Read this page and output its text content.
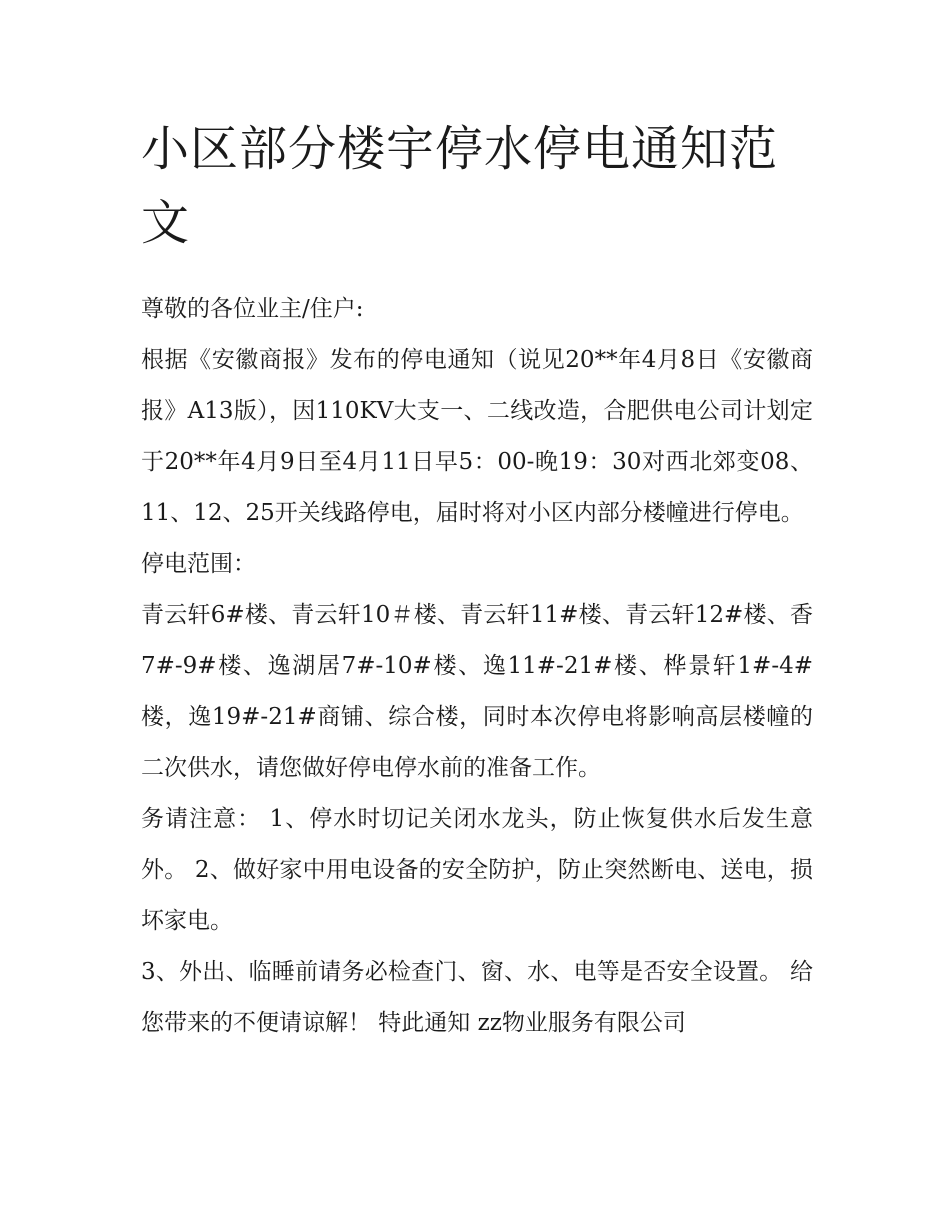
小区部分楼宇停水停电通知范文

尊敬的各位业主/住户:

根据《安徽商报》发布的停电通知（说见20**年4月8日《安徽商报》A13版），因110KV大支一、二线改造，合肥供电公司计划定于20**年4月9日至4月11日早5：00-晚19：30对西北郊变08、11、12、25开关线路停电，届时将对小区内部分楼幢进行停电。

停电范围：

青云轩6#楼、青云轩10＃楼、青云轩11#楼、青云轩12#楼、香7#-9#楼、逸湖居7#-10#楼、逸11#-21#楼、桦景轩1#-4#楼，逸19#-21#商铺、综合楼，同时本次停电将影响高层楼幢的二次供水，请您做好停电停水前的准备工作。

务请注意： 1、停水时切记关闭水龙头，防止恢复供水后发生意外。 2、做好家中用电设备的安全防护，防止突然断电、送电，损坏家电。

3、外出、临睡前请务必检查门、窗、水、电等是否安全设置。 给您带来的不便请谅解！ 特此通知 zz物业服务有限公司
